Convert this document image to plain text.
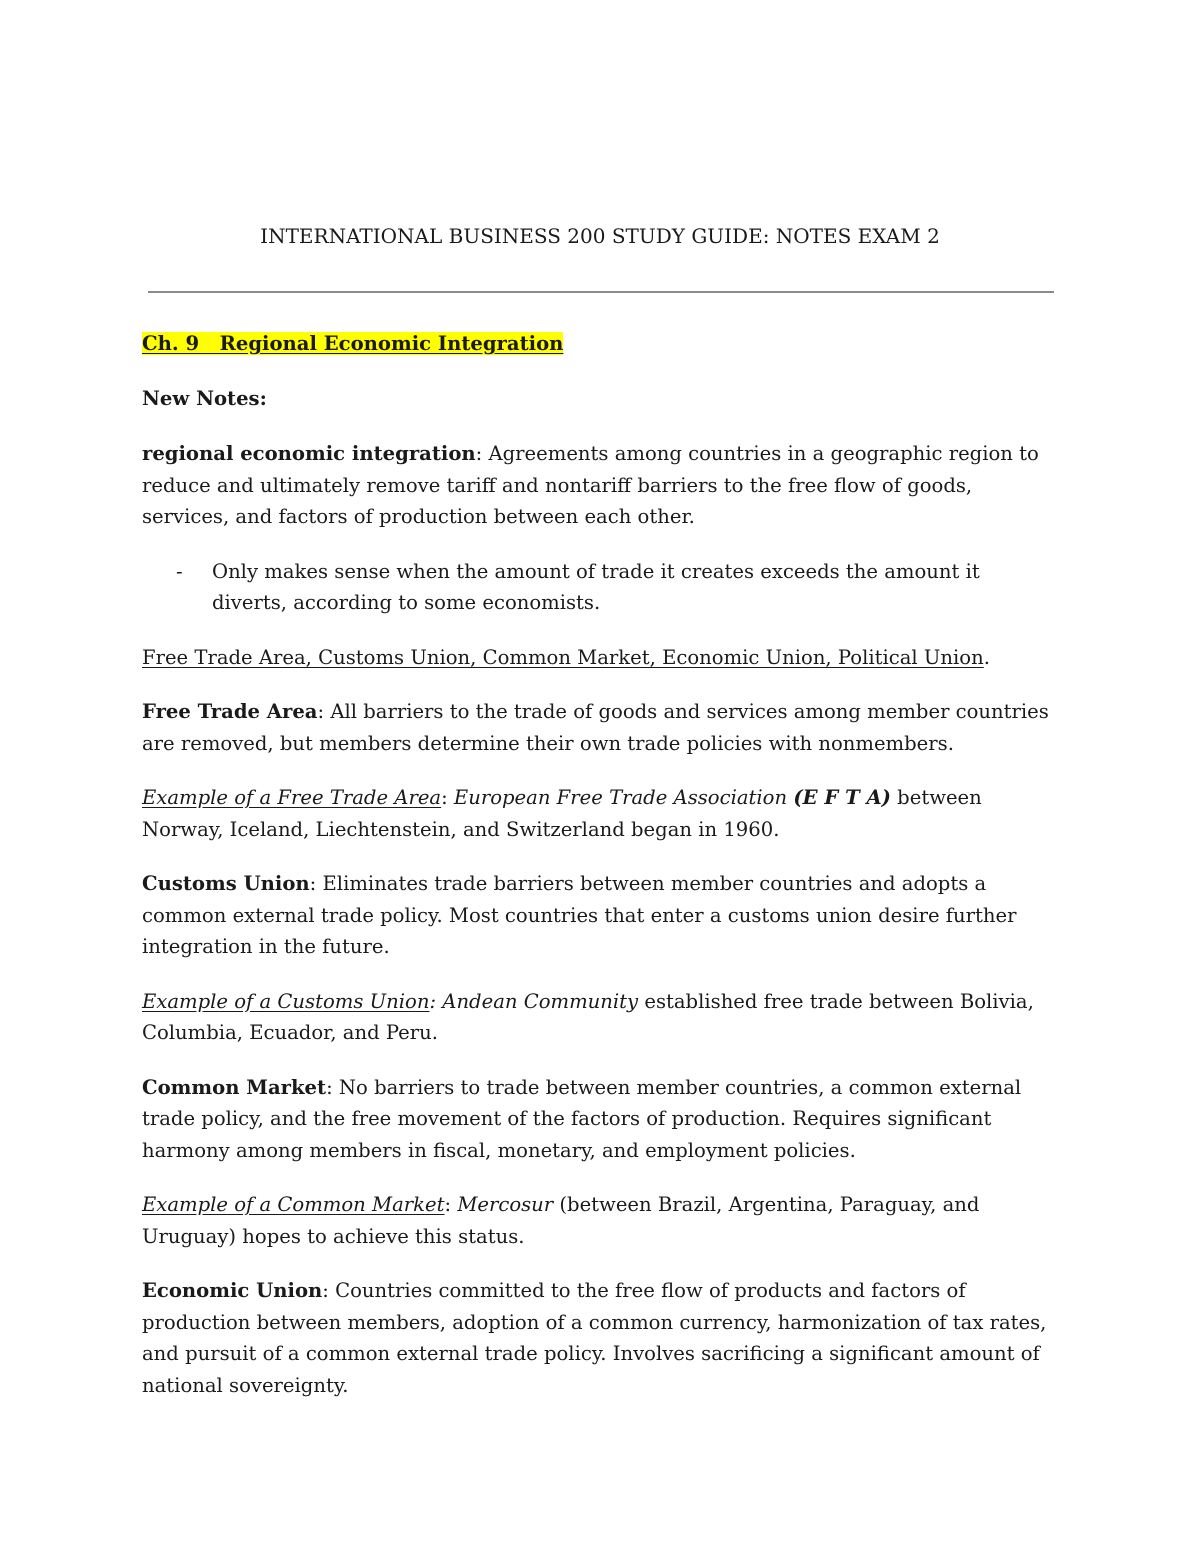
INTERNATIONAL BUSINESS 200 STUDY GUIDE: NOTES EXAM 2

Ch. 9   Regional Economic Integration

New Notes:

regional economic integration: Agreements among countries in a geographic region to reduce and ultimately remove tariff and nontariff barriers to the free flow of goods, services, and factors of production between each other.

- Only makes sense when the amount of trade it creates exceeds the amount it diverts, according to some economists.

Free Trade Area, Customs Union, Common Market, Economic Union, Political Union.

Free Trade Area: All barriers to the trade of goods and services among member countries are removed, but members determine their own trade policies with nonmembers.

Example of a Free Trade Area: European Free Trade Association (E F T A) between Norway, Iceland, Liechtenstein, and Switzerland began in 1960.

Customs Union: Eliminates trade barriers between member countries and adopts a common external trade policy. Most countries that enter a customs union desire further integration in the future.

Example of a Customs Union: Andean Community established free trade between Bolivia, Columbia, Ecuador, and Peru.

Common Market: No barriers to trade between member countries, a common external trade policy, and the free movement of the factors of production. Requires significant harmony among members in fiscal, monetary, and employment policies.

Example of a Common Market: Mercosur (between Brazil, Argentina, Paraguay, and Uruguay) hopes to achieve this status.

Economic Union: Countries committed to the free flow of products and factors of production between members, adoption of a common currency, harmonization of tax rates, and pursuit of a common external trade policy. Involves sacrificing a significant amount of national sovereignty.
